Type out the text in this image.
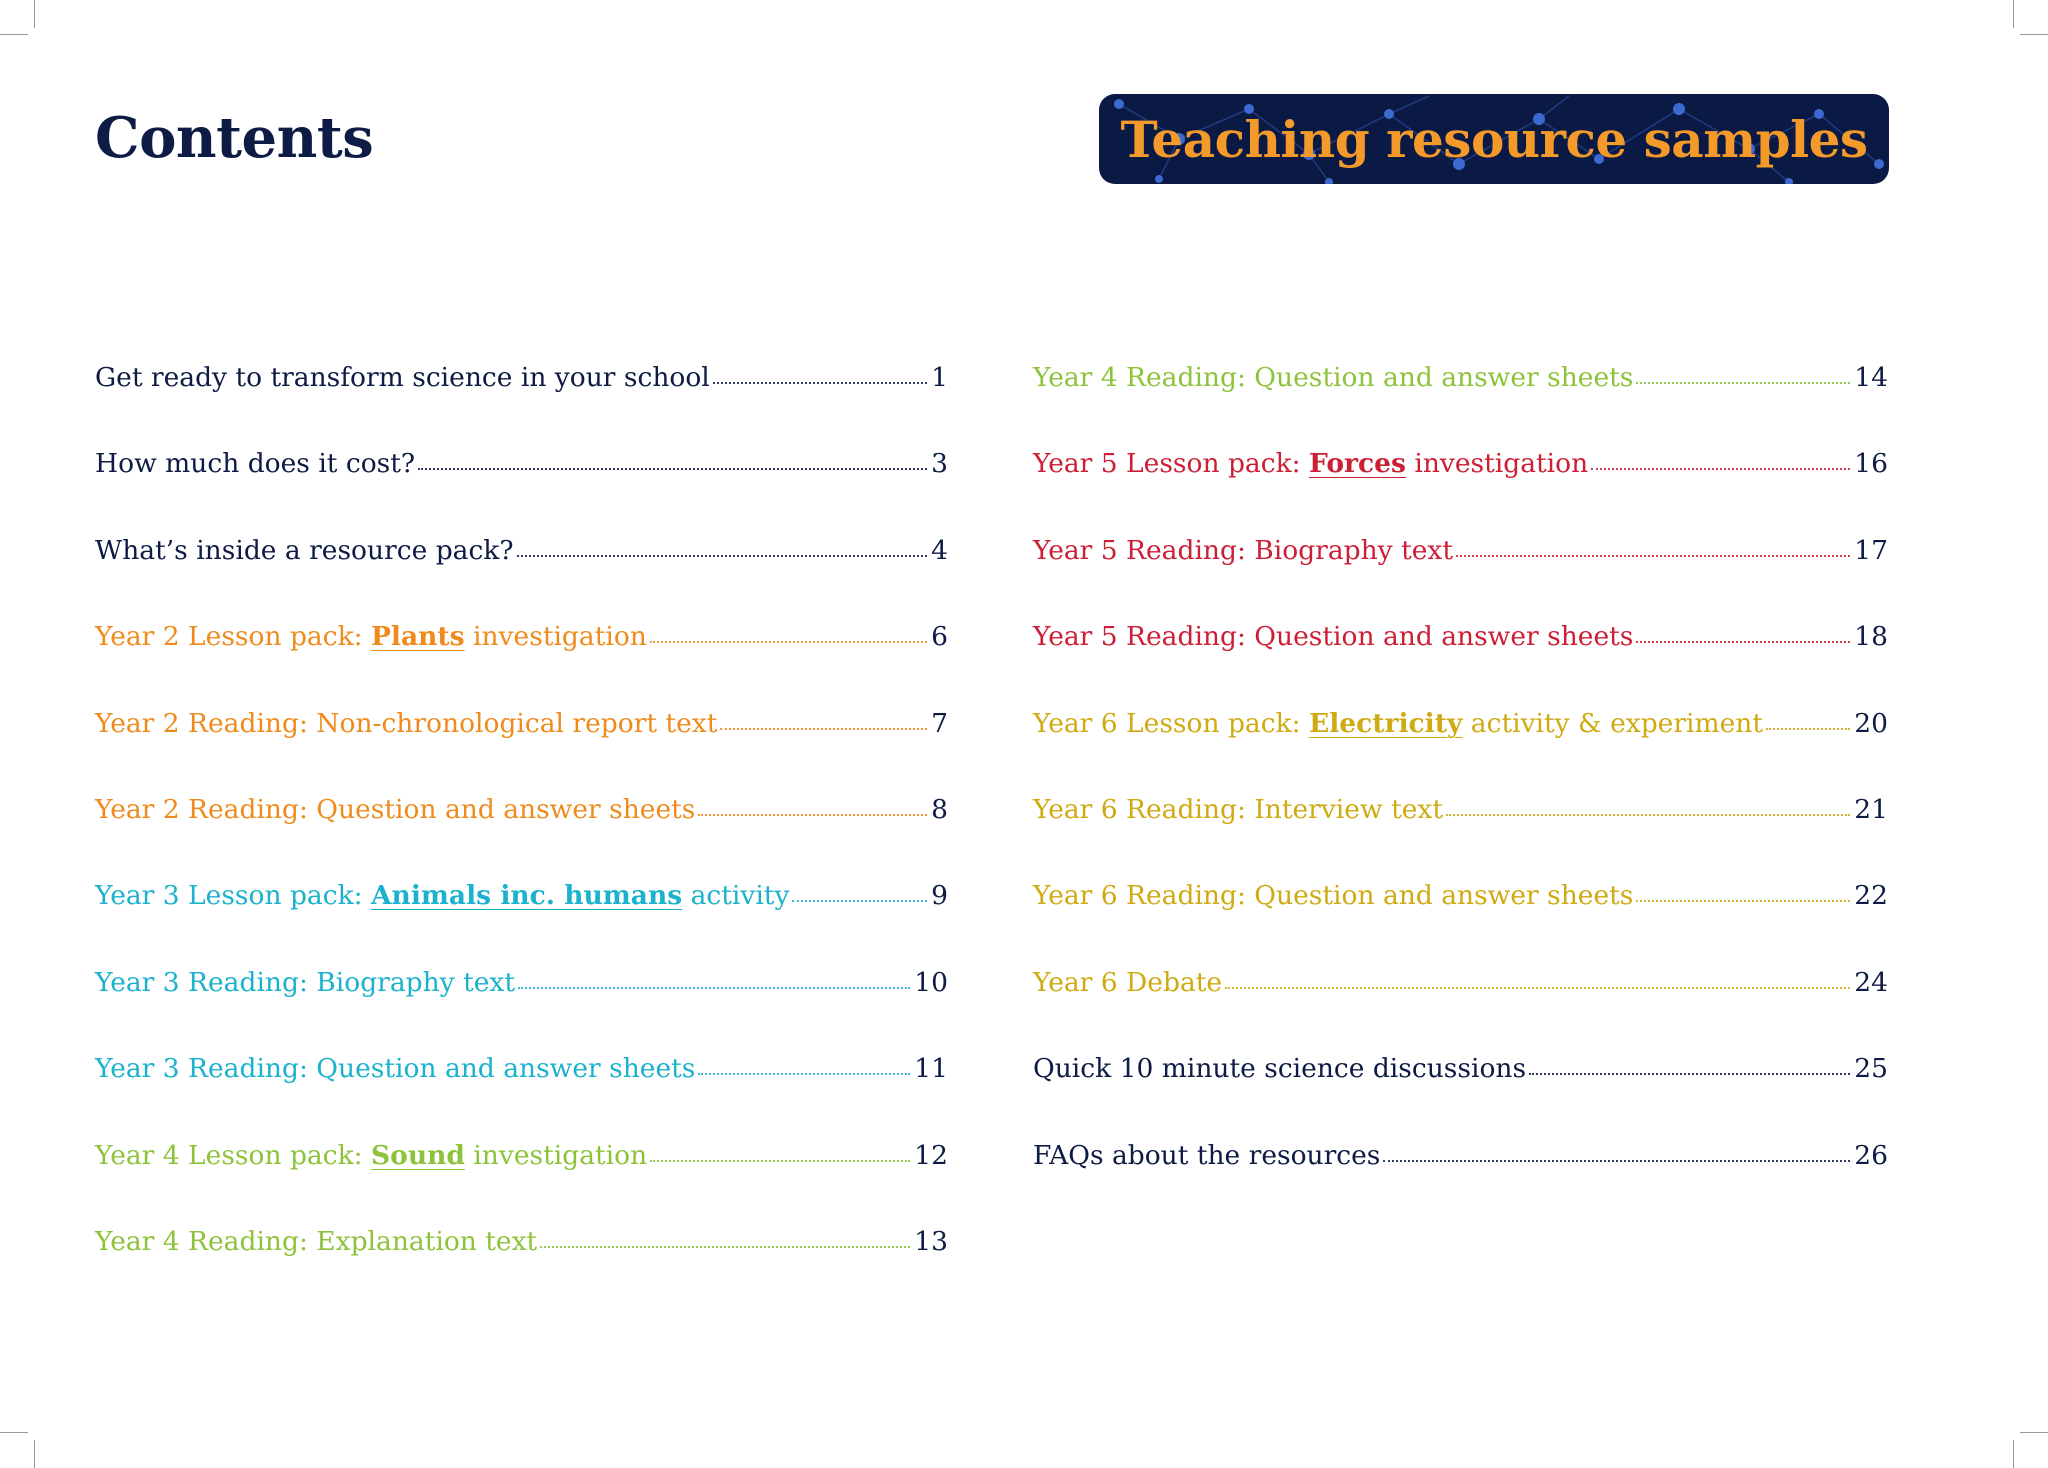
Contents	Teaching resource samples
Get ready to transform science in your school	1
How much does it cost?	3
What’s inside a resource pack?	4
Year 2 Lesson pack: Plants investigation	6
Year 2 Reading: Non-chronological report text	7
Year 2 Reading: Question and answer sheets	8
Year 3 Lesson pack: Animals inc. humans activity	9
Year 3 Reading: Biography text	10
Year 3 Reading: Question and answer sheets	11
Year 4 Lesson pack: Sound investigation	12
Year 4 Reading: Explanation text	13
Year 4 Reading: Question and answer sheets	14
Year 5 Lesson pack: Forces investigation	16
Year 5 Reading: Biography text	17
Year 5 Reading: Question and answer sheets	18
Year 6 Lesson pack: Electricity activity & experiment	20
Year 6 Reading: Interview text	21
Year 6 Reading: Question and answer sheets	22
Year 6 Debate	24
Quick 10 minute science discussions	25
FAQs about the resources	26
